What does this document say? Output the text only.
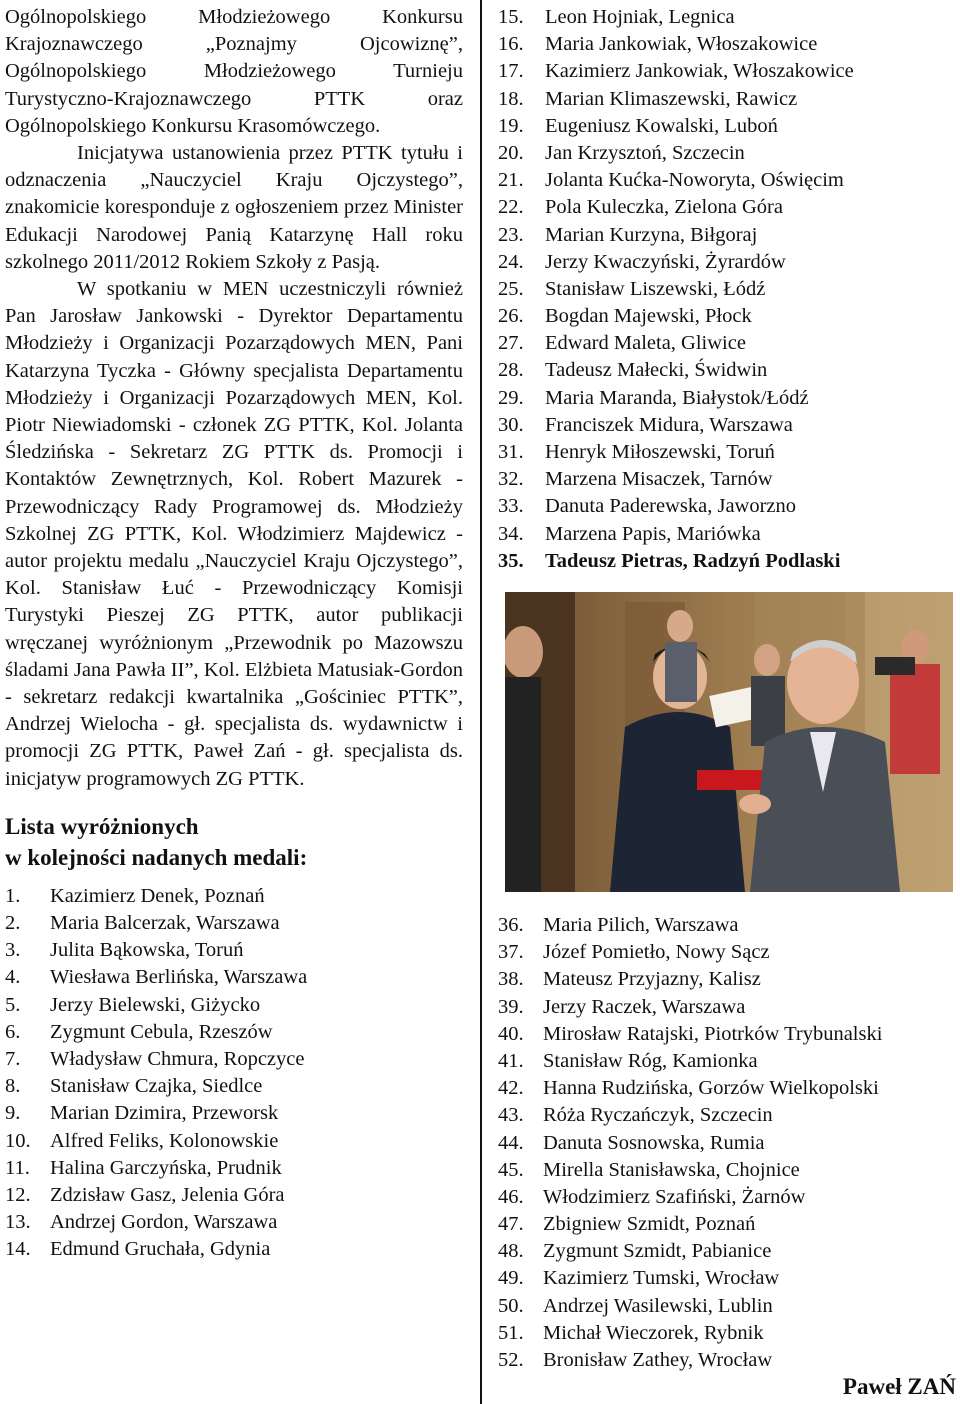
Ogólnopolskiego Młodzieżowego Konkursu Krajoznawczego „Poznajmy Ojcowiznę”, Ogólnopolskiego Młodzieżowego Turnieju Turystyczno-Krajoznawczego PTTK oraz Ogólnopolskiego Konkursu Krasomówczego.

Inicjatywa ustanowienia przez PTTK tytułu i odznaczenia „Nauczyciel Kraju Ojczystego”, znakomicie koresponduje z ogłoszeniem przez Minister Edukacji Narodowej Panią Katarzynę Hall roku szkolnego 2011/2012 Rokiem Szkoły z Pasją.

W spotkaniu w MEN uczestniczyli również Pan Jarosław Jankowski - Dyrektor Departamentu Młodzieży i Organizacji Pozarządowych MEN, Pani Katarzyna Tyczka - Główny specjalista Departamentu Młodzieży i Organizacji Pozarządowych MEN, Kol. Piotr Niewiadomski - członek ZG PTTK, Kol. Jolanta Śledzińska - Sekretarz ZG PTTK ds. Promocji i Kontaktów Zewnętrznych, Kol. Robert Mazurek - Przewodniczący Rady Programowej ds. Młodzieży Szkolnej ZG PTTK, Kol. Włodzimierz Majdewicz - autor projektu medalu „Nauczyciel Kraju Ojczystego”, Kol. Stanisław Łuć - Przewodniczący Komisji Turystyki Pieszej ZG PTTK, autor publikacji wręczanej wyróżnionym „Przewodnik po Mazowszu śladami Jana Pawła II”, Kol. Elżbieta Matusiak-Gordon - sekretarz redakcji kwartalnika „Gościniec PTTK”, Andrzej Wielocha - gł. specjalista ds. wydawnictw i promocji ZG PTTK, Paweł Zań - gł. specjalista ds. inicjatyw programowych ZG PTTK.

Lista wyróżnionych
w kolejności nadanych medali:
1.	Kazimierz Denek, Poznań
2.	Maria Balcerzak, Warszawa
3.	Julita Bąkowska, Toruń
4.	Wiesława Berlińska, Warszawa
5.	Jerzy Bielewski, Giżycko
6.	Zygmunt Cebula, Rzeszów
7.	Władysław Chmura, Ropczyce
8.	Stanisław Czajka, Siedlce
9.	Marian Dzimira, Przeworsk
10. Alfred Feliks, Kolonowskie
11. Halina Garczyńska, Prudnik
12. Zdzisław Gasz, Jelenia Góra
13. Andrzej Gordon, Warszawa
14. Edmund Gruchała, Gdynia
15.	Leon Hojniak, Legnica
16.	Maria Jankowiak, Włoszakowice
17.	Kazimierz Jankowiak, Włoszakowice
18.	Marian Klimaszewski, Rawicz
19.	Eugeniusz Kowalski, Luboń
20.	Jan Krzysztoń, Szczecin
21.	Jolanta Kućka-Noworyta, Oświęcim
22.	Pola Kuleczka, Zielona Góra
23.	Marian Kurzyna, Biłgoraj
24.	Jerzy Kwaczyński, Żyrardów
25.	Stanisław Liszewski, Łódź
26.	Bogdan Majewski, Płock
27.	Edward Maleta, Gliwice
28.	Tadeusz Małecki, Świdwin
29.	Maria Maranda, Białystok/Łódź
30.	Franciszek Midura, Warszawa
31.	Henryk Miłoszewski, Toruń
32.	Marzena Misaczek, Tarnów
33.	Danuta Paderewska, Jaworzno
34.	Marzena Papis, Mariówka
35.	Tadeusz Pietras, Radzyń Podlaski
36. Maria Pilich, Warszawa
37. Józef Pomietło, Nowy Sącz
38. Mateusz Przyjazny, Kalisz
39. Jerzy Raczek, Warszawa
40. Mirosław Ratajski, Piotrków Trybunalski
41. Stanisław Róg, Kamionka
42. Hanna Rudzińska, Gorzów Wielkopolski
43. Róża Ryczańczyk, Szczecin
44. Danuta Sosnowska, Rumia
45. Mirella Stanisławska, Chojnice
46. Włodzimierz Szafiński, Żarnów
47. Zbigniew Szmidt, Poznań
48. Zygmunt Szmidt, Pabianice
49. Kazimierz Tumski, Wrocław
50. Andrzej Wasilewski, Lublin
51. Michał Wieczorek, Rybnik
52. Bronisław Zathey, Wrocław
Paweł ZAŃ
